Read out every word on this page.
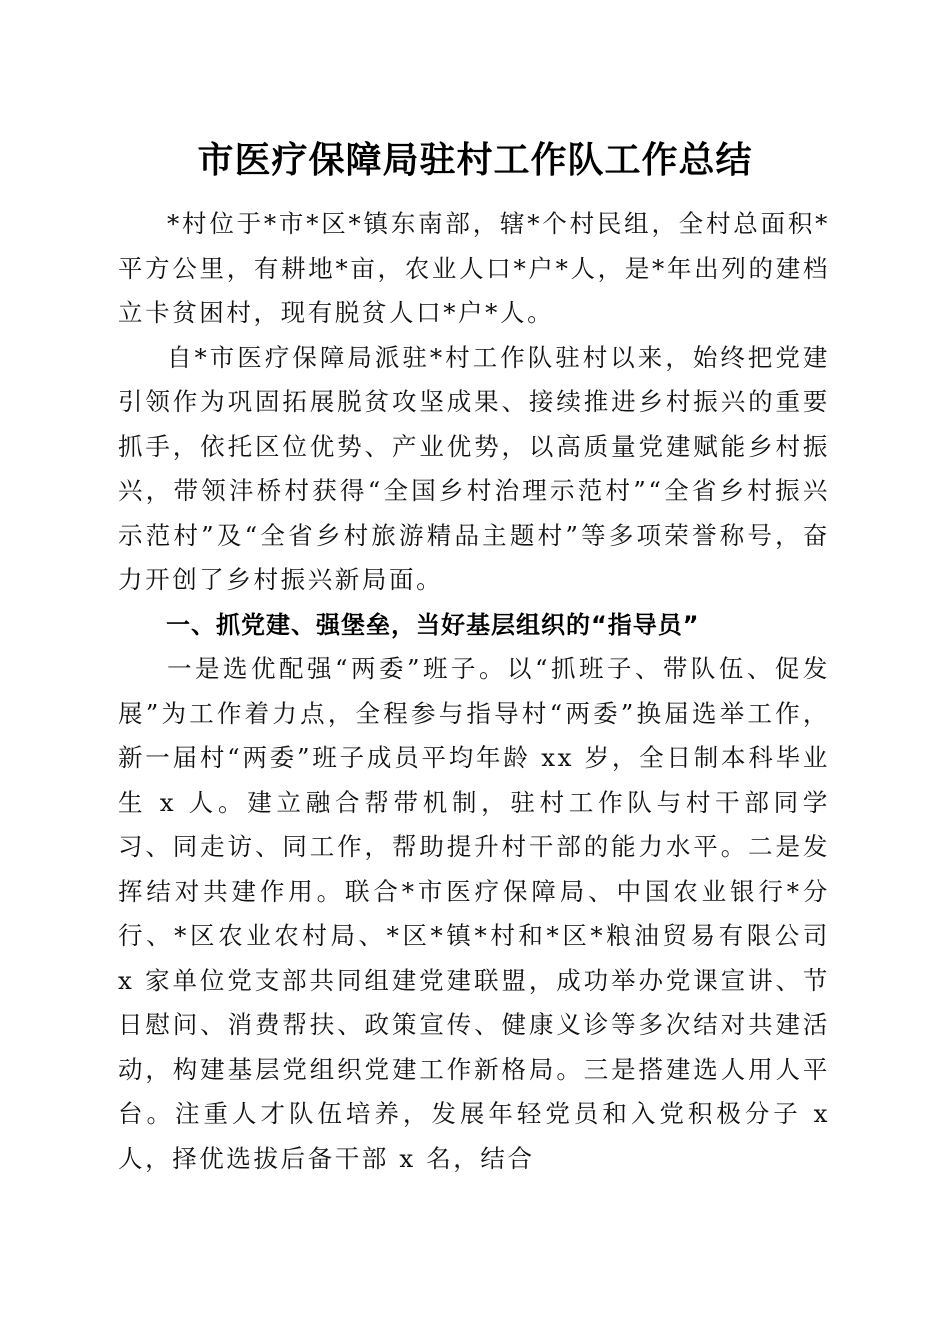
市医疗保障局驻村工作队工作总结

*村位于*市*区*镇东南部，辖*个村民组，全村总面积*平方公里，有耕地*亩，农业人口*户*人，是*年出列的建档立卡贫困村，现有脱贫人口*户*人。

自*市医疗保障局派驻*村工作队驻村以来，始终把党建引领作为巩固拓展脱贫攻坚成果、接续推进乡村振兴的重要抓手，依托区位优势、产业优势，以高质量党建赋能乡村振兴，带领沣桥村获得“全国乡村治理示范村”“全省乡村振兴示范村”及“全省乡村旅游精品主题村”等多项荣誉称号，奋力开创了乡村振兴新局面。

一、抓党建、强堡垒，当好基层组织的“指导员”

一是选优配强“两委”班子。以“抓班子、带队伍、促发展”为工作着力点，全程参与指导村“两委”换届选举工作，新一届村“两委”班子成员平均年龄 xx 岁，全日制本科毕业生 x 人。建立融合帮带机制，驻村工作队与村干部同学习、同走访、同工作，帮助提升村干部的能力水平。二是发挥结对共建作用。联合*市医疗保障局、中国农业银行*分行、*区农业农村局、*区*镇*村和*区*粮油贸易有限公司 x 家单位党支部共同组建党建联盟，成功举办党课宣讲、节日慰问、消费帮扶、政策宣传、健康义诊等多次结对共建活动，构建基层党组织党建工作新格局。三是搭建选人用人平台。注重人才队伍培养，发展年轻党员和入党积极分子 x 人，择优选拔后备干部 x 名，结合
